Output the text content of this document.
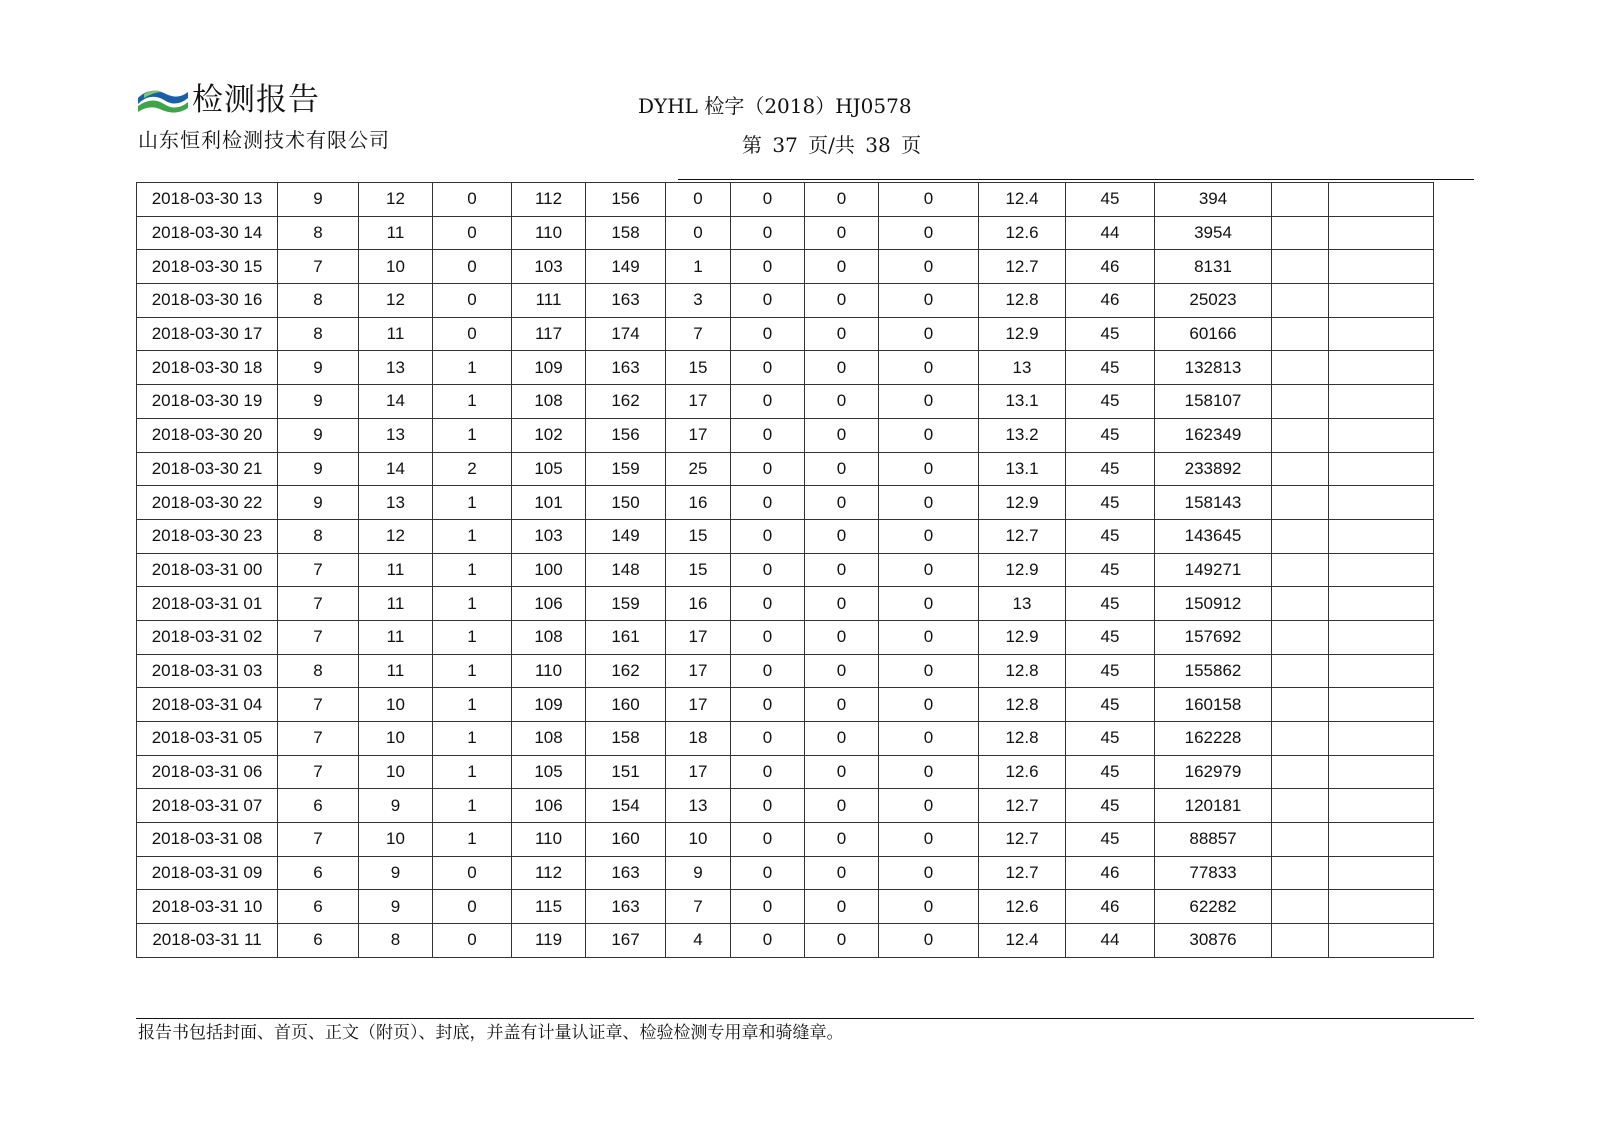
检测报告
山东恒利检测技术有限公司
DYHL 检字（2018）HJ0578
第 37 页/共 38 页
2018-03-30 13	9	12	0	112	156	0	0	0	0	12.4	45	394		
2018-03-30 14	8	11	0	110	158	0	0	0	0	12.6	44	3954		
2018-03-30 15	7	10	0	103	149	1	0	0	0	12.7	46	8131		
2018-03-30 16	8	12	0	111	163	3	0	0	0	12.8	46	25023		
2018-03-30 17	8	11	0	117	174	7	0	0	0	12.9	45	60166		
2018-03-30 18	9	13	1	109	163	15	0	0	0	13	45	132813		
2018-03-30 19	9	14	1	108	162	17	0	0	0	13.1	45	158107		
2018-03-30 20	9	13	1	102	156	17	0	0	0	13.2	45	162349		
2018-03-30 21	9	14	2	105	159	25	0	0	0	13.1	45	233892		
2018-03-30 22	9	13	1	101	150	16	0	0	0	12.9	45	158143		
2018-03-30 23	8	12	1	103	149	15	0	0	0	12.7	45	143645		
2018-03-31 00	7	11	1	100	148	15	0	0	0	12.9	45	149271		
2018-03-31 01	7	11	1	106	159	16	0	0	0	13	45	150912		
2018-03-31 02	7	11	1	108	161	17	0	0	0	12.9	45	157692		
2018-03-31 03	8	11	1	110	162	17	0	0	0	12.8	45	155862		
2018-03-31 04	7	10	1	109	160	17	0	0	0	12.8	45	160158		
2018-03-31 05	7	10	1	108	158	18	0	0	0	12.8	45	162228		
2018-03-31 06	7	10	1	105	151	17	0	0	0	12.6	45	162979		
2018-03-31 07	6	9	1	106	154	13	0	0	0	12.7	45	120181		
2018-03-31 08	7	10	1	110	160	10	0	0	0	12.7	45	88857		
2018-03-31 09	6	9	0	112	163	9	0	0	0	12.7	46	77833		
2018-03-31 10	6	9	0	115	163	7	0	0	0	12.6	46	62282		
2018-03-31 11	6	8	0	119	167	4	0	0	0	12.4	44	30876		
报告书包括封面、首页、正文（附页）、封底，并盖有计量认证章、检验检测专用章和骑缝章。
